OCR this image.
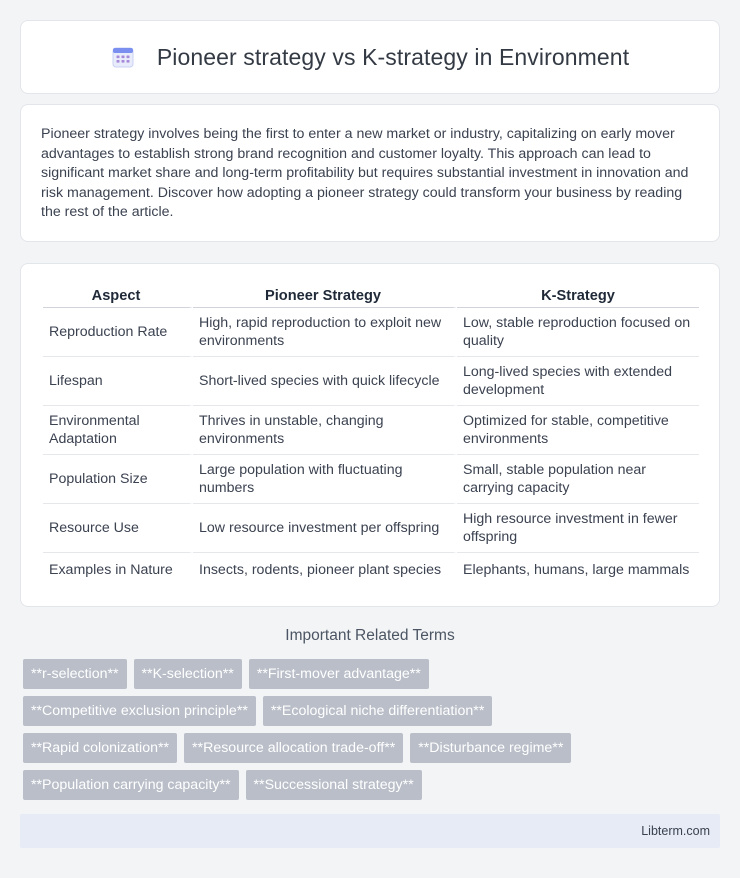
Pioneer strategy vs K-strategy in Environment

Pioneer strategy involves being the first to enter a new market or industry, capitalizing on early mover advantages to establish strong brand recognition and customer loyalty. This approach can lead to significant market share and long-term profitability but requires substantial investment in innovation and risk management. Discover how adopting a pioneer strategy could transform your business by reading the rest of the article.

Aspect	Pioneer Strategy	K-Strategy
Reproduction Rate	High, rapid reproduction to exploit new environments	Low, stable reproduction focused on quality
Lifespan	Short-lived species with quick lifecycle	Long-lived species with extended development
Environmental Adaptation	Thrives in unstable, changing environments	Optimized for stable, competitive environments
Population Size	Large population with fluctuating numbers	Small, stable population near carrying capacity
Resource Use	Low resource investment per offspring	High resource investment in fewer offspring
Examples in Nature	Insects, rodents, pioneer plant species	Elephants, humans, large mammals
Important Related Terms
**r-selection**	**K-selection**	**First-mover advantage**
**Competitive exclusion principle**	**Ecological niche differentiation**
**Rapid colonization**	**Resource allocation trade-off**	**Disturbance regime**
**Population carrying capacity**	**Successional strategy**
Libterm.com
